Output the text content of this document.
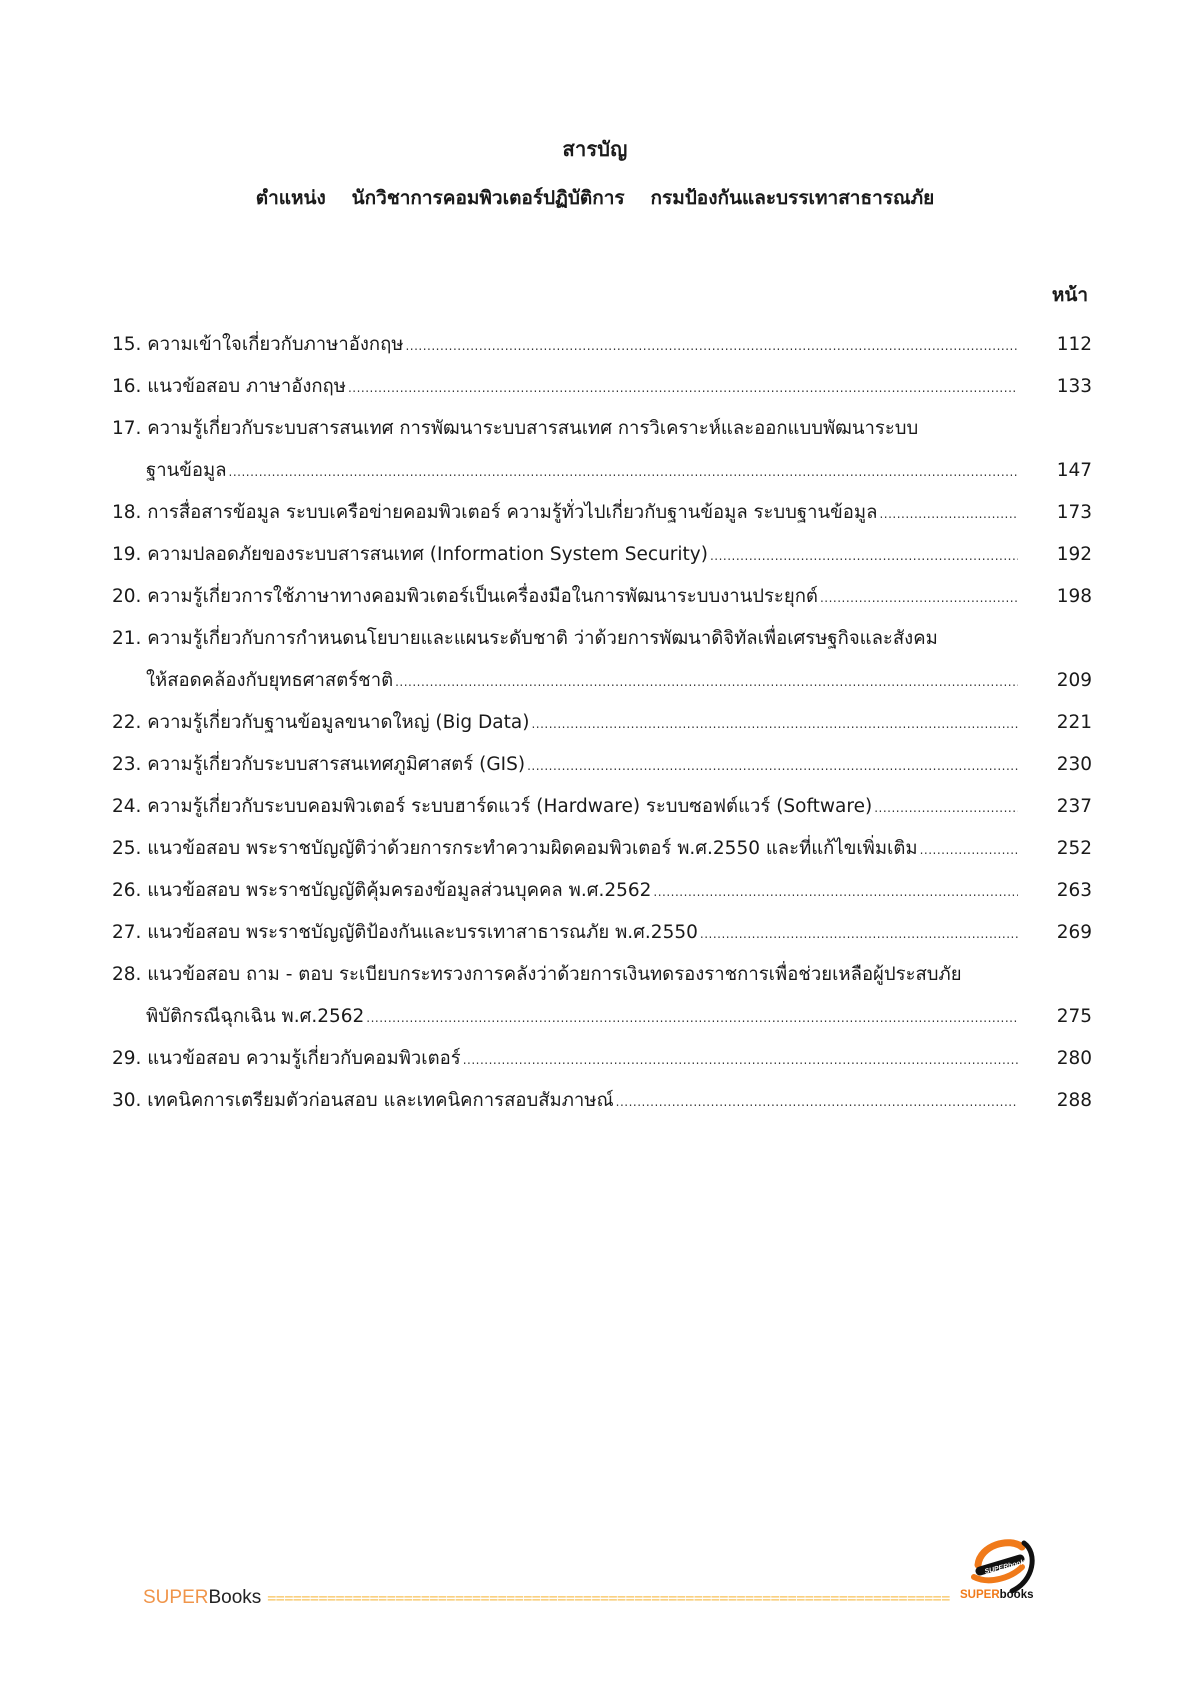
สารบัญ
ตำแหน่ง   นักวิชาการคอมพิวเตอร์ปฏิบัติการ   กรมป้องกันและบรรเทาสาธารณภัย
หน้า
15. ความเข้าใจเกี่ยวกับภาษาอังกฤษ .....	112
16. แนวข้อสอบ ภาษาอังกฤษ .....	133
17. ความรู้เกี่ยวกับระบบสารสนเทศ การพัฒนาระบบสารสนเทศ การวิเคราะห์และออกแบบพัฒนาระบบ
ฐานข้อมูล .....	147
18. การสื่อสารข้อมูล ระบบเครือข่ายคอมพิวเตอร์ ความรู้ทั่วไปเกี่ยวกับฐานข้อมูล ระบบฐานข้อมูล .....	173
19. ความปลอดภัยของระบบสารสนเทศ (Information System Security) .....	192
20. ความรู้เกี่ยวการใช้ภาษาทางคอมพิวเตอร์เป็นเครื่องมือในการพัฒนาระบบงานประยุกต์ .....	198
21. ความรู้เกี่ยวกับการกำหนดนโยบายและแผนระดับชาติ ว่าด้วยการพัฒนาดิจิทัลเพื่อเศรษฐกิจและสังคม
ให้สอดคล้องกับยุทธศาสตร์ชาติ .....	209
22. ความรู้เกี่ยวกับฐานข้อมูลขนาดใหญ่ (Big Data) .....	221
23. ความรู้เกี่ยวกับระบบสารสนเทศภูมิศาสตร์ (GIS) .....	230
24. ความรู้เกี่ยวกับระบบคอมพิวเตอร์ ระบบฮาร์ดแวร์ (Hardware) ระบบซอฟต์แวร์ (Software) .....	237
25. แนวข้อสอบ พระราชบัญญัติว่าด้วยการกระทำความผิดคอมพิวเตอร์ พ.ศ.2550 และที่แก้ไขเพิ่มเติม .....	252
26. แนวข้อสอบ พระราชบัญญัติคุ้มครองข้อมูลส่วนบุคคล พ.ศ.2562 .....	263
27. แนวข้อสอบ พระราชบัญญัติป้องกันและบรรเทาสาธารณภัย พ.ศ.2550 .....	269
28. แนวข้อสอบ ถาม - ตอบ ระเบียบกระทรวงการคลังว่าด้วยการเงินทดรองราชการเพื่อช่วยเหลือผู้ประสบภัย
พิบัติกรณีฉุกเฉิน พ.ศ.2562 .....	275
29. แนวข้อสอบ ความรู้เกี่ยวกับคอมพิวเตอร์ .....	280
30. เทคนิคการเตรียมตัวก่อนสอบ และเทคนิคการสอบสัมภาษณ์ .....	288
SUPERBooks ================================================================================
SUPERbooks
SUPERbooks
